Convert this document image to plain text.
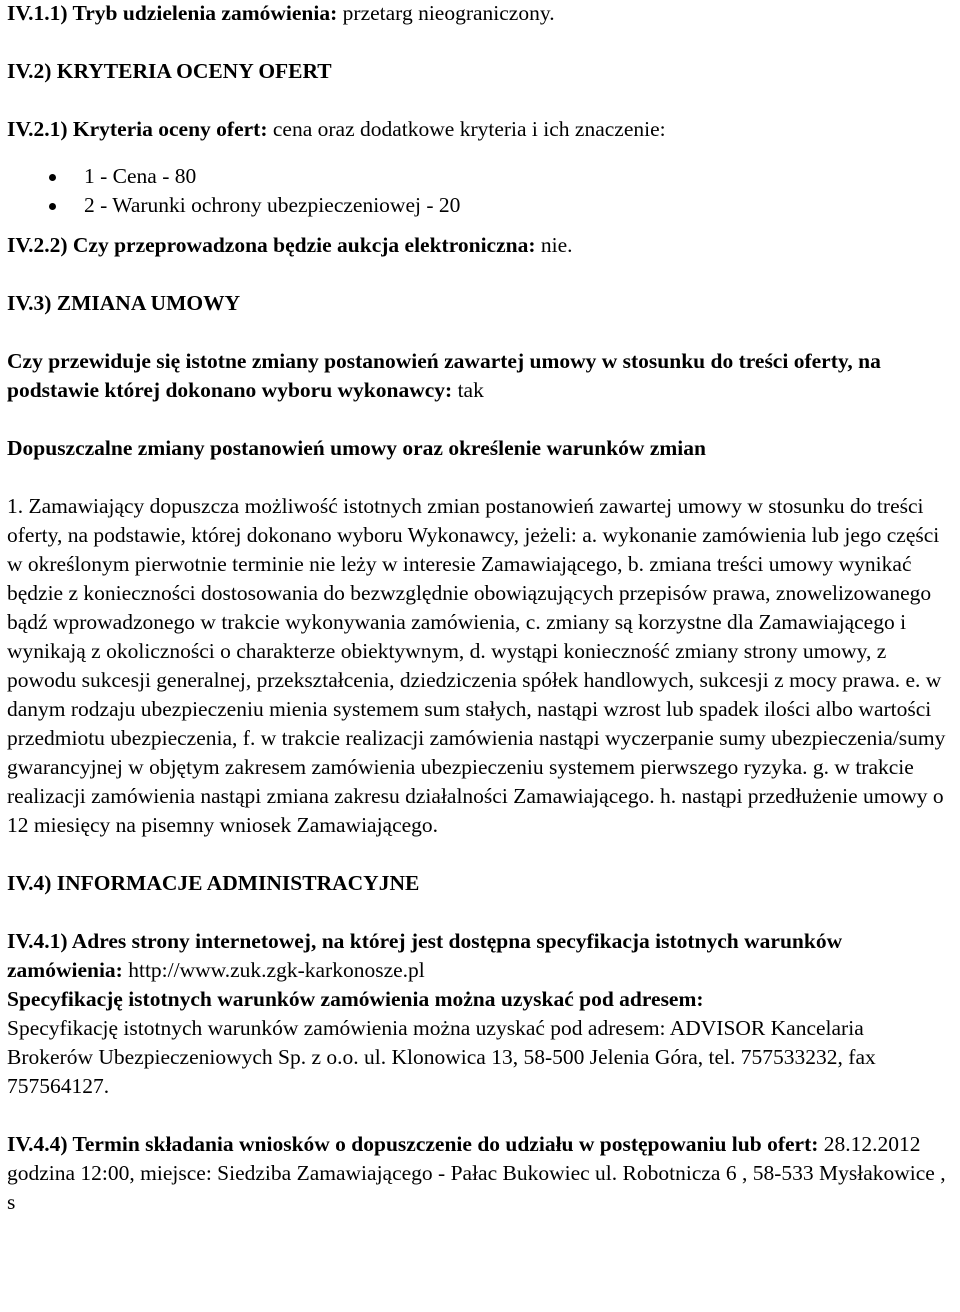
IV.1.1) Tryb udzielenia zamówienia: przetarg nieograniczony.

IV.2) KRYTERIA OCENY OFERT

IV.2.1) Kryteria oceny ofert: cena oraz dodatkowe kryteria i ich znaczenie:

1 - Cena - 80
2 - Warunki ochrony ubezpieczeniowej - 20

IV.2.2) Czy przeprowadzona będzie aukcja elektroniczna: nie.

IV.3) ZMIANA UMOWY

Czy przewiduje się istotne zmiany postanowień zawartej umowy w stosunku do treści oferty, na podstawie której dokonano wyboru wykonawcy: tak

Dopuszczalne zmiany postanowień umowy oraz określenie warunków zmian

1. Zamawiający dopuszcza możliwość istotnych zmian postanowień zawartej umowy w stosunku do treści oferty, na podstawie, której dokonano wyboru Wykonawcy, jeżeli: a. wykonanie zamówienia lub jego części w określonym pierwotnie terminie nie leży w interesie Zamawiającego, b. zmiana treści umowy wynikać będzie z konieczności dostosowania do bezwzględnie obowiązujących przepisów prawa, znowelizowanego bądź wprowadzonego w trakcie wykonywania zamówienia, c. zmiany są korzystne dla Zamawiającego i wynikają z okoliczności o charakterze obiektywnym, d. wystąpi konieczność zmiany strony umowy, z powodu sukcesji generalnej, przekształcenia, dziedziczenia spółek handlowych, sukcesji z mocy prawa. e. w danym rodzaju ubezpieczeniu mienia systemem sum stałych, nastąpi wzrost lub spadek ilości albo wartości przedmiotu ubezpieczenia, f. w trakcie realizacji zamówienia nastąpi wyczerpanie sumy ubezpieczenia/sumy gwarancyjnej w objętym zakresem zamówienia ubezpieczeniu systemem pierwszego ryzyka. g. w trakcie realizacji zamówienia nastąpi zmiana zakresu działalności Zamawiającego. h. nastąpi przedłużenie umowy o 12 miesięcy na pisemny wniosek Zamawiającego.

IV.4) INFORMACJE ADMINISTRACYJNE

IV.4.1) Adres strony internetowej, na której jest dostępna specyfikacja istotnych warunków zamówienia: http://www.zuk.zgk-karkonosze.pl

Specyfikację istotnych warunków zamówienia można uzyskać pod adresem:

Specyfikację istotnych warunków zamówienia można uzyskać pod adresem: ADVISOR Kancelaria Brokerów Ubezpieczeniowych Sp. z o.o. ul. Klonowica 13, 58-500 Jelenia Góra, tel. 757533232, fax 757564127.

IV.4.4) Termin składania wniosków o dopuszczenie do udziału w postępowaniu lub ofert: 28.12.2012 godzina 12:00, miejsce: Siedziba Zamawiającego - Pałac Bukowiec ul. Robotnicza 6 , 58-533 Mysłakowice , s
